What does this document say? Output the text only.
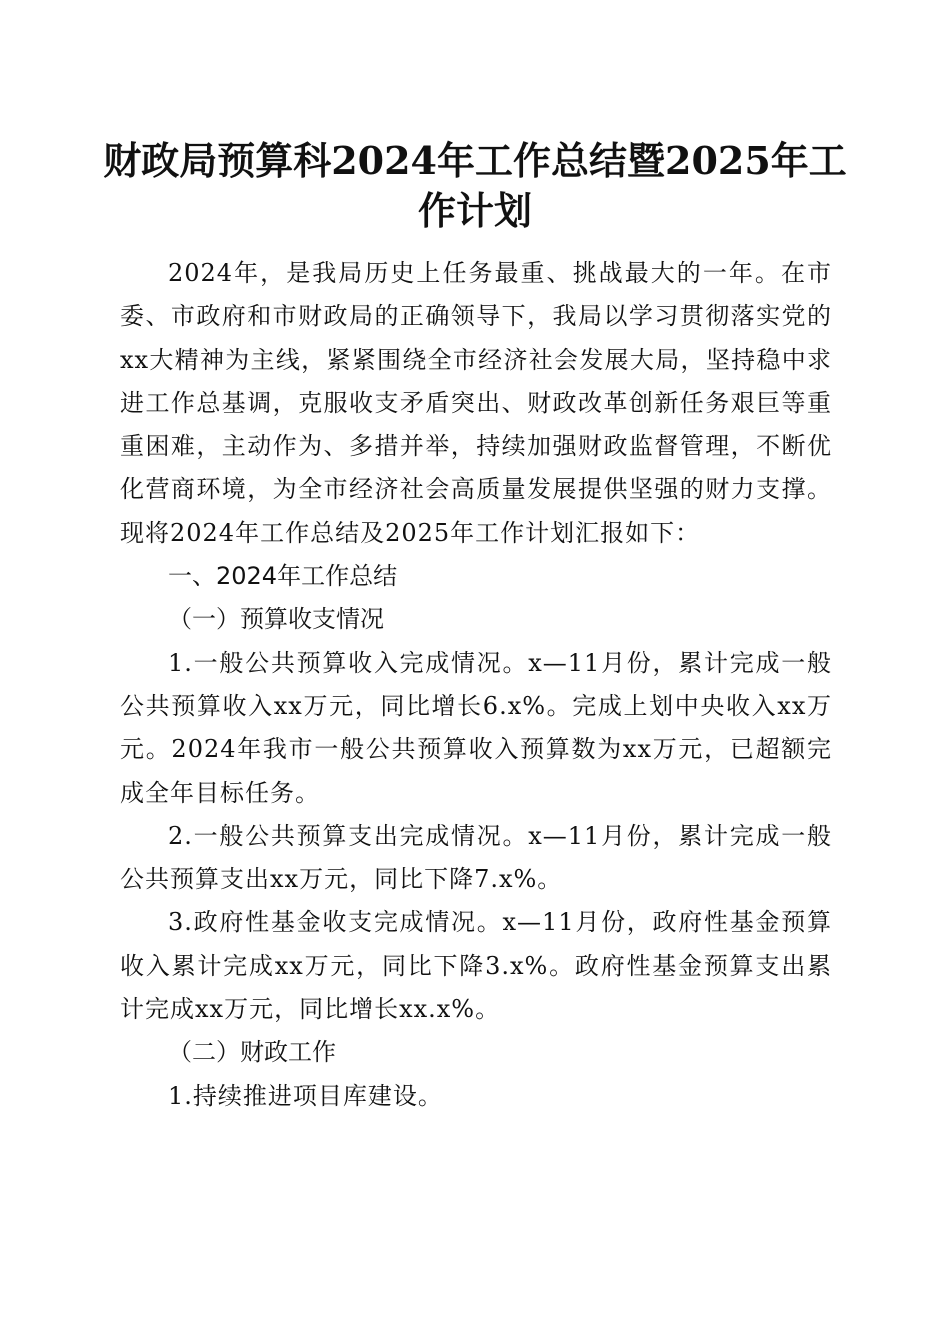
财政局预算科2024年工作总结暨2025年工作计划

2024年，是我局历史上任务最重、挑战最大的一年。在市委、市政府和市财政局的正确领导下，我局以学习贯彻落实党的xx大精神为主线，紧紧围绕全市经济社会发展大局，坚持稳中求进工作总基调，克服收支矛盾突出、财政改革创新任务艰巨等重重困难，主动作为、多措并举，持续加强财政监督管理，不断优化营商环境，为全市经济社会高质量发展提供坚强的财力支撑。现将2024年工作总结及2025年工作计划汇报如下：

一、2024年工作总结
（一）预算收支情况

1.一般公共预算收入完成情况。x—11月份，累计完成一般公共预算收入xx万元，同比增长6.x%。完成上划中央收入xx万元。2024年我市一般公共预算收入预算数为xx万元，已超额完成全年目标任务。

2.一般公共预算支出完成情况。x—11月份，累计完成一般公共预算支出xx万元，同比下降7.x%。

3.政府性基金收支完成情况。x—11月份，政府性基金预算收入累计完成xx万元，同比下降3.x%。政府性基金预算支出累计完成xx万元，同比增长xx.x%。

（二）财政工作

1.持续推进项目库建设。
